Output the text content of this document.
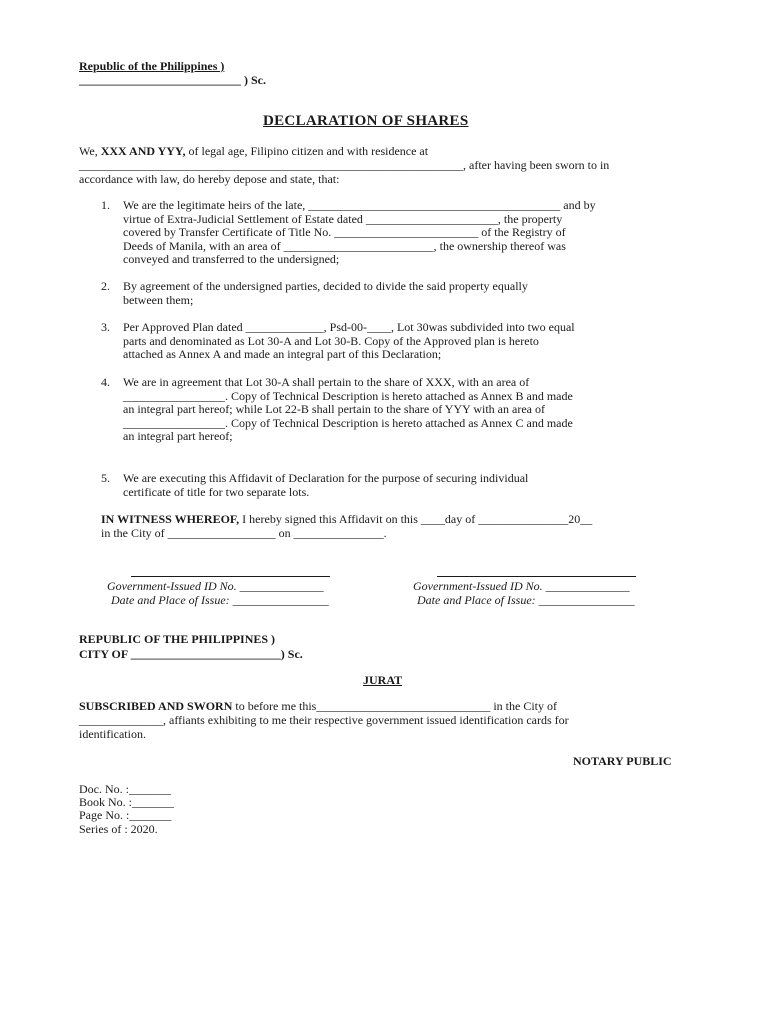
Republic of the Philippines )
___________________________ ) Sc.
DECLARATION OF SHARES
We, XXX AND YYY, of legal age, Filipino citizen and with residence at
________________________________________________________________, after having been sworn to in
accordance with law, do hereby depose and state, that:
1. We are the legitimate heirs of the late, __________________________________________ and by
virtue of Extra-Judicial Settlement of Estate dated ______________________, the property
covered by Transfer Certificate of Title No. ________________________ of the Registry of
Deeds of Manila, with an area of _________________________, the ownership thereof was
conveyed and transferred to the undersigned;
2. By agreement of the undersigned parties, decided to divide the said property equally
between them;
3. Per Approved Plan dated _____________, Psd-00-____, Lot 30was subdivided into two equal
parts and denominated as Lot 30-A and Lot 30-B. Copy of the Approved plan is hereto
attached as Annex A and made an integral part of this Declaration;
4. We are in agreement that Lot 30-A shall pertain to the share of XXX, with an area of
_________________. Copy of Technical Description is hereto attached as Annex B and made
an integral part hereof; while Lot 22-B shall pertain to the share of YYY with an area of
_________________. Copy of Technical Description is hereto attached as Annex C and made
an integral part hereof;
5. We are executing this Affidavit of Declaration for the purpose of securing individual
certificate of title for two separate lots.
IN WITNESS WHEREOF, I hereby signed this Affidavit on this ____day of _______________20__
in the City of __________________ on _______________.
Government-Issued ID No. ______________
Date and Place of Issue: ________________
Government-Issued ID No. ______________
Date and Place of Issue: ________________
REPUBLIC OF THE PHILIPPINES )
CITY OF _________________________) Sc.
JURAT
SUBSCRIBED AND SWORN to before me this_____________________________ in the City of
______________, affiants exhibiting to me their respective government issued identification cards for
identification.
NOTARY PUBLIC
Doc. No. :_______
Book No. :_______
Page No. :_______
Series of : 2020.
